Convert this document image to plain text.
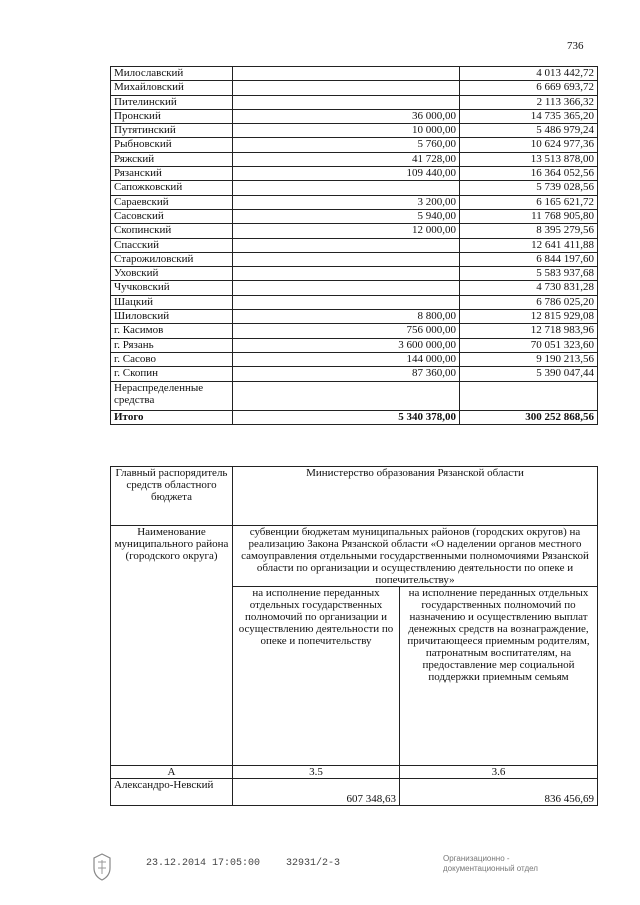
736
Милославский		4 013 442,72
Михайловский		6 669 693,72
Пителинский		2 113 366,32
Пронский	36 000,00	14 735 365,20
Путятинский	10 000,00	5 486 979,24
Рыбновский	5 760,00	10 624 977,36
Ряжский	41 728,00	13 513 878,00
Рязанский	109 440,00	16 364 052,56
Сапожковский		5 739 028,56
Сараевский	3 200,00	6 165 621,72
Сасовский	5 940,00	11 768 905,80
Скопинский	12 000,00	8 395 279,56
Спасский		12 641 411,88
Старожиловский		6 844 197,60
Уховский		5 583 937,68
Чучковский		4 730 831,28
Шацкий		6 786 025,20
Шиловский	8 800,00	12 815 929,08
г. Касимов	756 000,00	12 718 983,96
г. Рязань	3 600 000,00	70 051 323,60
г. Сасово	144 000,00	9 190 213,56
г. Скопин	87 360,00	5 390 047,44
Нераспределенные средства		
Итого	5 340 378,00	300 252 868,56
Главный распорядитель средств областного бюджета	Министерство образования Рязанской области	
Наименование муниципального района (городского округа)	субвенции бюджетам муниципальных районов (городских округов) на реализацию Закона Рязанской области «О наделении органов местного самоуправления отдельными государственными полномочиями Рязанской области по организации и осуществлению деятельности по опеке и попечительству»	
	на исполнение переданных отдельных государственных полномочий по организации и осуществлению деятельности по опеке и попечительству	на исполнение переданных отдельных государственных полномочий по назначению и осуществлению выплат денежных средств на вознаграждение, причитающееся приемным родителям, патронатным воспитателям, на предоставление мер социальной поддержки приемным семьям
А	3.5	3.6
Александро-Невский	607 348,63	836 456,69
23.12.2014 17:05:00	32931/2-3	Организационно -
документационный отдел
